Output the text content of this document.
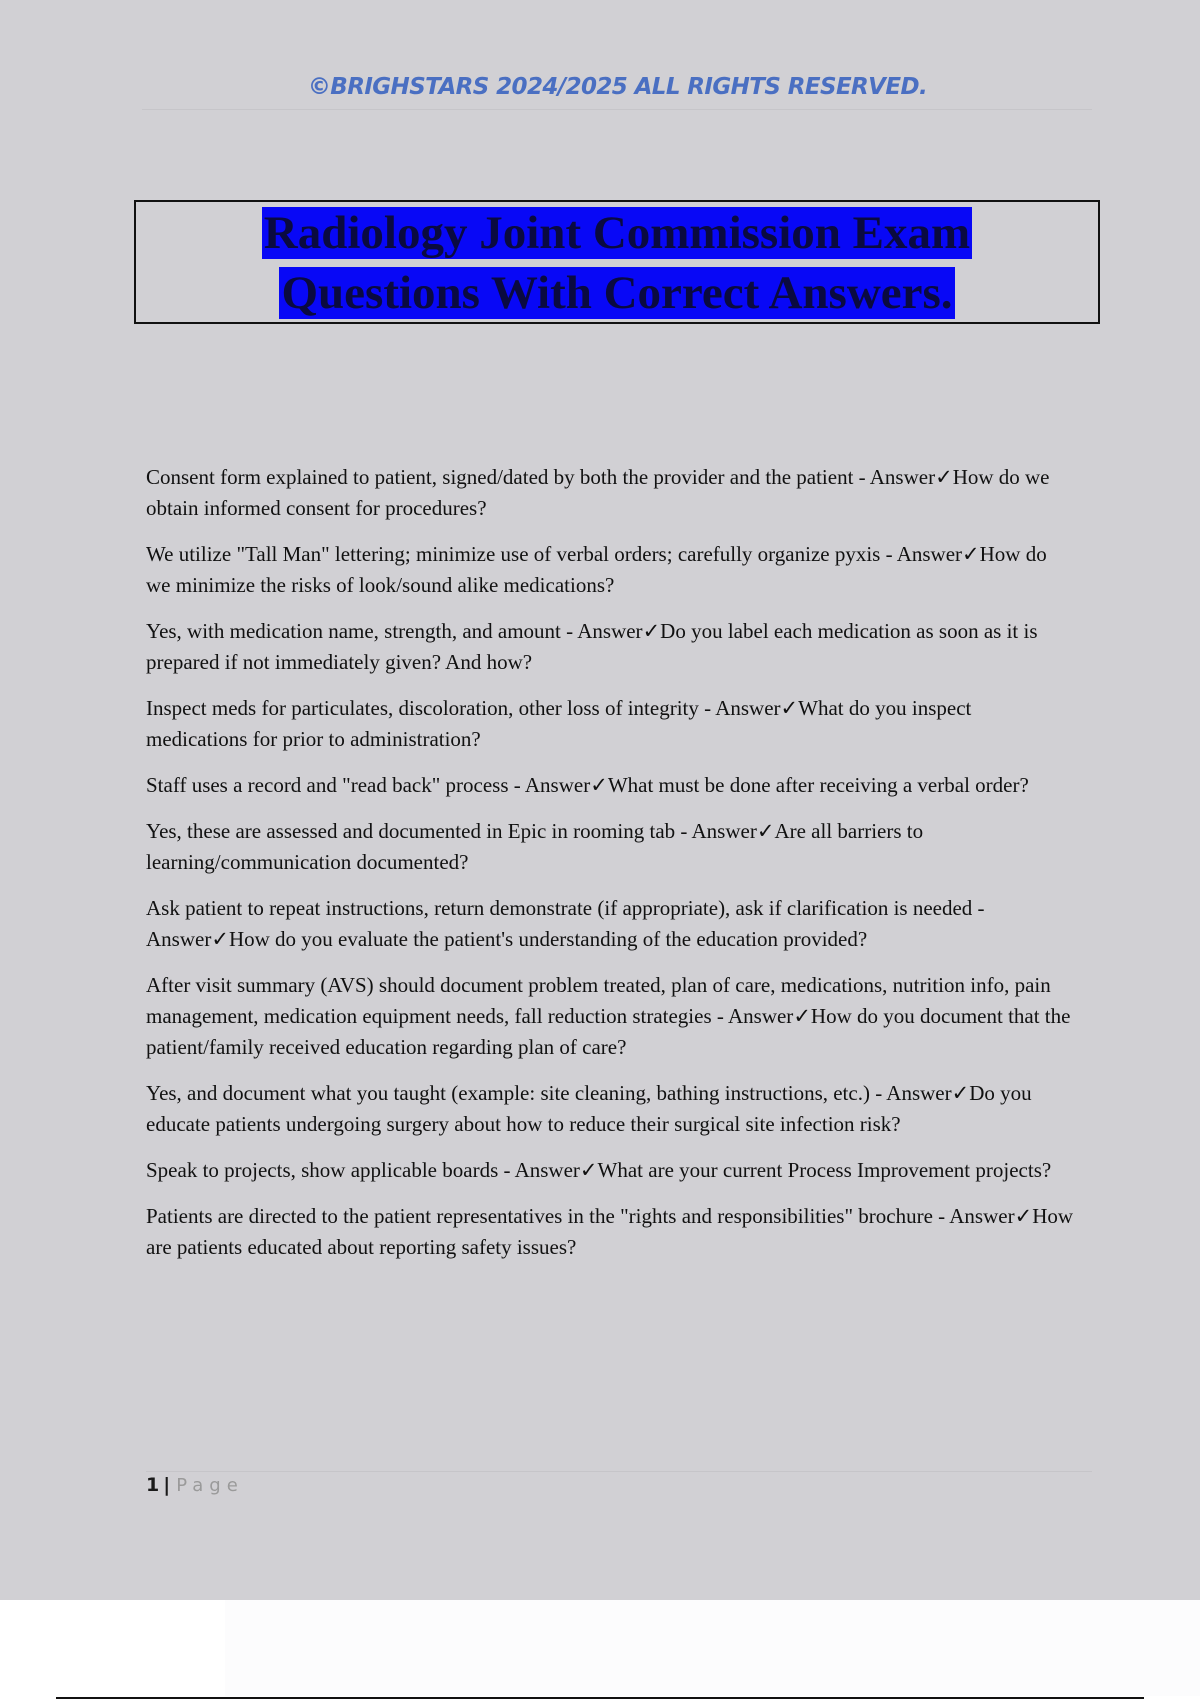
©BRIGHSTARS 2024/2025 ALL RIGHTS RESERVED.
Radiology Joint Commission Exam
Questions With Correct Answers.

Consent form explained to patient, signed/dated by both the provider and the patient - Answer✓How do we obtain informed consent for procedures?

We utilize "Tall Man" lettering; minimize use of verbal orders; carefully organize pyxis - Answer✓How do we minimize the risks of look/sound alike medications?

Yes, with medication name, strength, and amount - Answer✓Do you label each medication as soon as it is prepared if not immediately given? And how?

Inspect meds for particulates, discoloration, other loss of integrity - Answer✓What do you inspect medications for prior to administration?

Staff uses a record and "read back" process - Answer✓What must be done after receiving a verbal order?

Yes, these are assessed and documented in Epic in rooming tab - Answer✓Are all barriers to learning/communication documented?

Ask patient to repeat instructions, return demonstrate (if appropriate), ask if clarification is needed - Answer✓How do you evaluate the patient's understanding of the education provided?

After visit summary (AVS) should document problem treated, plan of care, medications, nutrition info, pain management, medication equipment needs, fall reduction strategies - Answer✓How do you document that the patient/family received education regarding plan of care?

Yes, and document what you taught (example: site cleaning, bathing instructions, etc.) - Answer✓Do you educate patients undergoing surgery about how to reduce their surgical site infection risk?

Speak to projects, show applicable boards - Answer✓What are your current Process Improvement projects?

Patients are directed to the patient representatives in the "rights and responsibilities" brochure - Answer✓How are patients educated about reporting safety issues?

1 | Page
